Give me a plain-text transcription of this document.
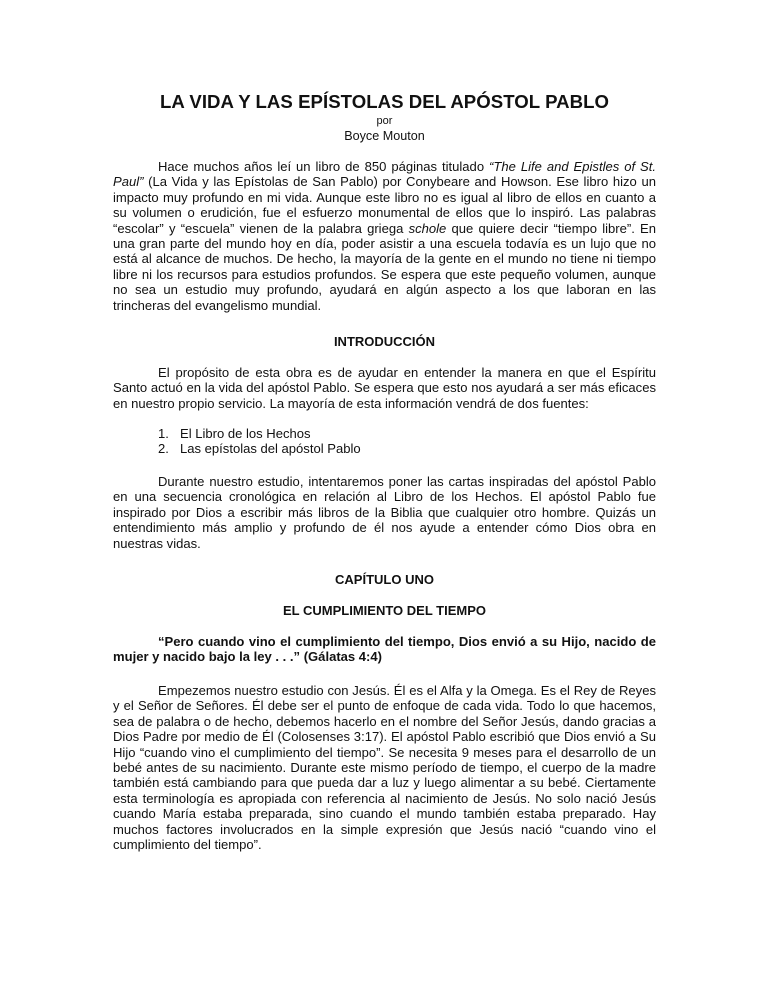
LA VIDA Y LAS EPÍSTOLAS DEL APÓSTOL PABLO
por
Boyce Mouton

Hace muchos años leí un libro de 850 páginas titulado “The Life and Epistles of St. Paul” (La Vida y las Epístolas de San Pablo) por Conybeare and Howson. Ese libro hizo un impacto muy profundo en mi vida. Aunque este libro no es igual al libro de ellos en cuanto a su volumen o erudición, fue el esfuerzo monumental de ellos que lo inspiró. Las palabras “escolar” y “escuela” vienen de la palabra griega schole que quiere decir “tiempo libre”. En una gran parte del mundo hoy en día, poder asistir a una escuela todavía es un lujo que no está al alcance de muchos. De hecho, la mayoría de la gente en el mundo no tiene ni tiempo libre ni los recursos para estudios profundos. Se espera que este pequeño volumen, aunque no sea un estudio muy profundo, ayudará en algún aspecto a los que laboran en las trincheras del evangelismo mundial.

INTRODUCCIÓN

El propósito de esta obra es de ayudar en entender la manera en que el Espíritu Santo actuó en la vida del apóstol Pablo. Se espera que esto nos ayudará a ser más eficaces en nuestro propio servicio. La mayoría de esta información vendrá de dos fuentes:

1. El Libro de los Hechos
2. Las epístolas del apóstol Pablo

Durante nuestro estudio, intentaremos poner las cartas inspiradas del apóstol Pablo en una secuencia cronológica en relación al Libro de los Hechos. El apóstol Pablo fue inspirado por Dios a escribir más libros de la Biblia que cualquier otro hombre. Quizás un entendimiento más amplio y profundo de él nos ayude a entender cómo Dios obra en nuestras vidas.

CAPÍTULO UNO
EL CUMPLIMIENTO DEL TIEMPO

“Pero cuando vino el cumplimiento del tiempo, Dios envió a su Hijo, nacido de mujer y nacido bajo la ley . . .” (Gálatas 4:4)

Empezemos nuestro estudio con Jesús. Él es el Alfa y la Omega. Es el Rey de Reyes y el Señor de Señores. Él debe ser el punto de enfoque de cada vida. Todo lo que hacemos, sea de palabra o de hecho, debemos hacerlo en el nombre del Señor Jesús, dando gracias a Dios Padre por medio de Él (Colosenses 3:17). El apóstol Pablo escribió que Dios envió a Su Hijo “cuando vino el cumplimiento del tiempo”. Se necesita 9 meses para el desarrollo de un bebé antes de su nacimiento. Durante este mismo período de tiempo, el cuerpo de la madre también está cambiando para que pueda dar a luz y luego alimentar a su bebé. Ciertamente esta terminología es apropiada con referencia al nacimiento de Jesús. No solo nació Jesús cuando María estaba preparada, sino cuando el mundo también estaba preparado. Hay muchos factores involucrados en la simple expresión que Jesús nació “cuando vino el cumplimiento del tiempo”.
